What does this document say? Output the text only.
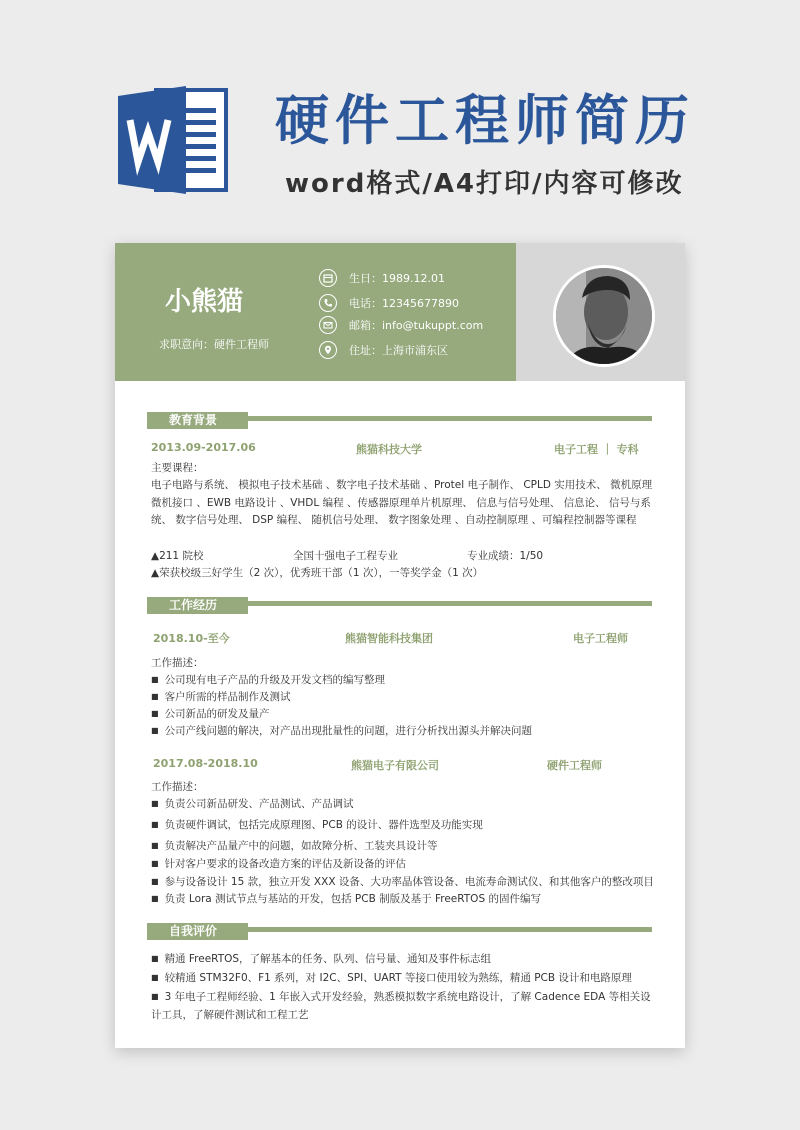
硬件工程师简历
word格式/A4打印/内容可修改
小熊猫
求职意向：硬件工程师
生日：1989.12.01
电话：12345677890
邮箱：info@tukuppt.com
住址：上海市浦东区
教育背景
2013.09-2017.06	熊猫科技大学	电子工程 ｜ 专科
主要课程：
电子电路与系统、 模拟电子技术基础 、数字电子技术基础 、Protel 电子制作、 CPLD 实用技术、 微机原理微机接口 、EWB 电路设计 、VHDL 编程 、传感器原理单片机原理、 信息与信号处理、 信息论、 信号与系统、 数字信号处理、 DSP 编程、 随机信号处理、 数字图象处理 、自动控制原理 、可编程控制器等课程
▲211 院校	全国十强电子工程专业	专业成绩：1/50
▲荣获校级三好学生（2 次），优秀班干部（1 次），一等奖学金（1 次）
工作经历
2018.10-至今	熊猫智能科技集团	电子工程师
工作描述：
■ 公司现有电子产品的升级及开发文档的编写整理
■ 客户所需的样品制作及测试
■ 公司新品的研发及量产
■ 公司产线问题的解决，对产品出现批量性的问题，进行分析找出源头并解决问题
2017.08-2018.10	熊猫电子有限公司	硬件工程师
工作描述：
■ 负责公司新品研发、产品测试、产品调试
■ 负责硬件调试，包括完成原理图、PCB 的设计、器件选型及功能实现
■ 负责解决产品量产中的问题，如故障分析、工装夹具设计等
■ 针对客户要求的设备改造方案的评估及新设备的评估
■ 参与设备设计 15 款，独立开发 XXX 设备、大功率晶体管设备、电流寿命测试仪、和其他客户的整改项目
■ 负责 Lora 测试节点与基站的开发，包括 PCB 制版及基于 FreeRTOS 的固件编写
自我评价
■ 精通 FreeRTOS，了解基本的任务、队列、信号量、通知及事件标志组
■ 较精通 STM32F0、F1 系列，对 I2C、SPI、UART 等接口使用较为熟练，精通 PCB 设计和电路原理
■ 3 年电子工程师经验、1 年嵌入式开发经验，熟悉模拟数字系统电路设计，了解 Cadence EDA 等相关设计工具，了解硬件测试和工程工艺
